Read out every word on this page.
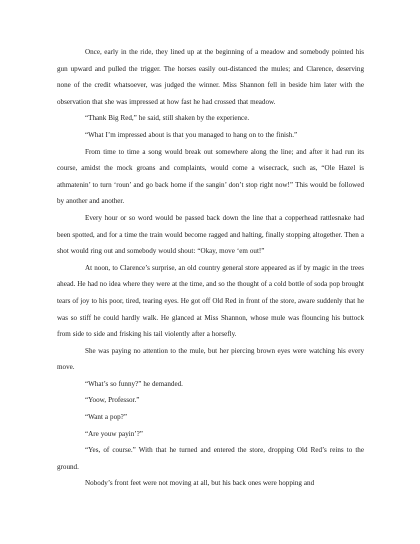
Once, early in the ride, they lined up at the beginning of a meadow and somebody pointed his gun upward and pulled the trigger. The horses easily out-distanced the mules; and Clarence, deserving none of the credit whatsoever, was judged the winner. Miss Shannon fell in beside him later with the observation that she was impressed at how fast he had crossed that meadow.

“Thank Big Red,” he said, still shaken by the experience.

“What I’m impressed about is that you managed to hang on to the finish.”

From time to time a song would break out somewhere along the line; and after it had run its course, amidst the mock groans and complaints, would come a wisecrack, such as, “Ole Hazel is athmatenin’ to turn ‘roun’ and go back home if the sangin’ don’t stop right now!” This would be followed by another and another.

Every hour or so word would be passed back down the line that a copperhead rattlesnake had been spotted, and for a time the train would become ragged and halting, finally stopping altogether. Then a shot would ring out and somebody would shout: “Okay, move ‘em out!”

At noon, to Clarence’s surprise, an old country general store appeared as if by magic in the trees ahead. He had no idea where they were at the time, and so the thought of a cold bottle of soda pop brought tears of joy to his poor, tired, tearing eyes. He got off Old Red in front of the store, aware suddenly that he was so stiff he could hardly walk. He glanced at Miss Shannon, whose mule was flouncing his buttock from side to side and frisking his tail violently after a horsefly.

She was paying no attention to the mule, but her piercing brown eyes were watching his every move.

“What’s so funny?” he demanded.

“Yoow, Professor.”

“Want a pop?”

“Are youw payin’?”

“Yes, of course.” With that he turned and entered the store, dropping Old Red’s reins to the ground.

Nobody’s front feet were not moving at all, but his back ones were hopping and
